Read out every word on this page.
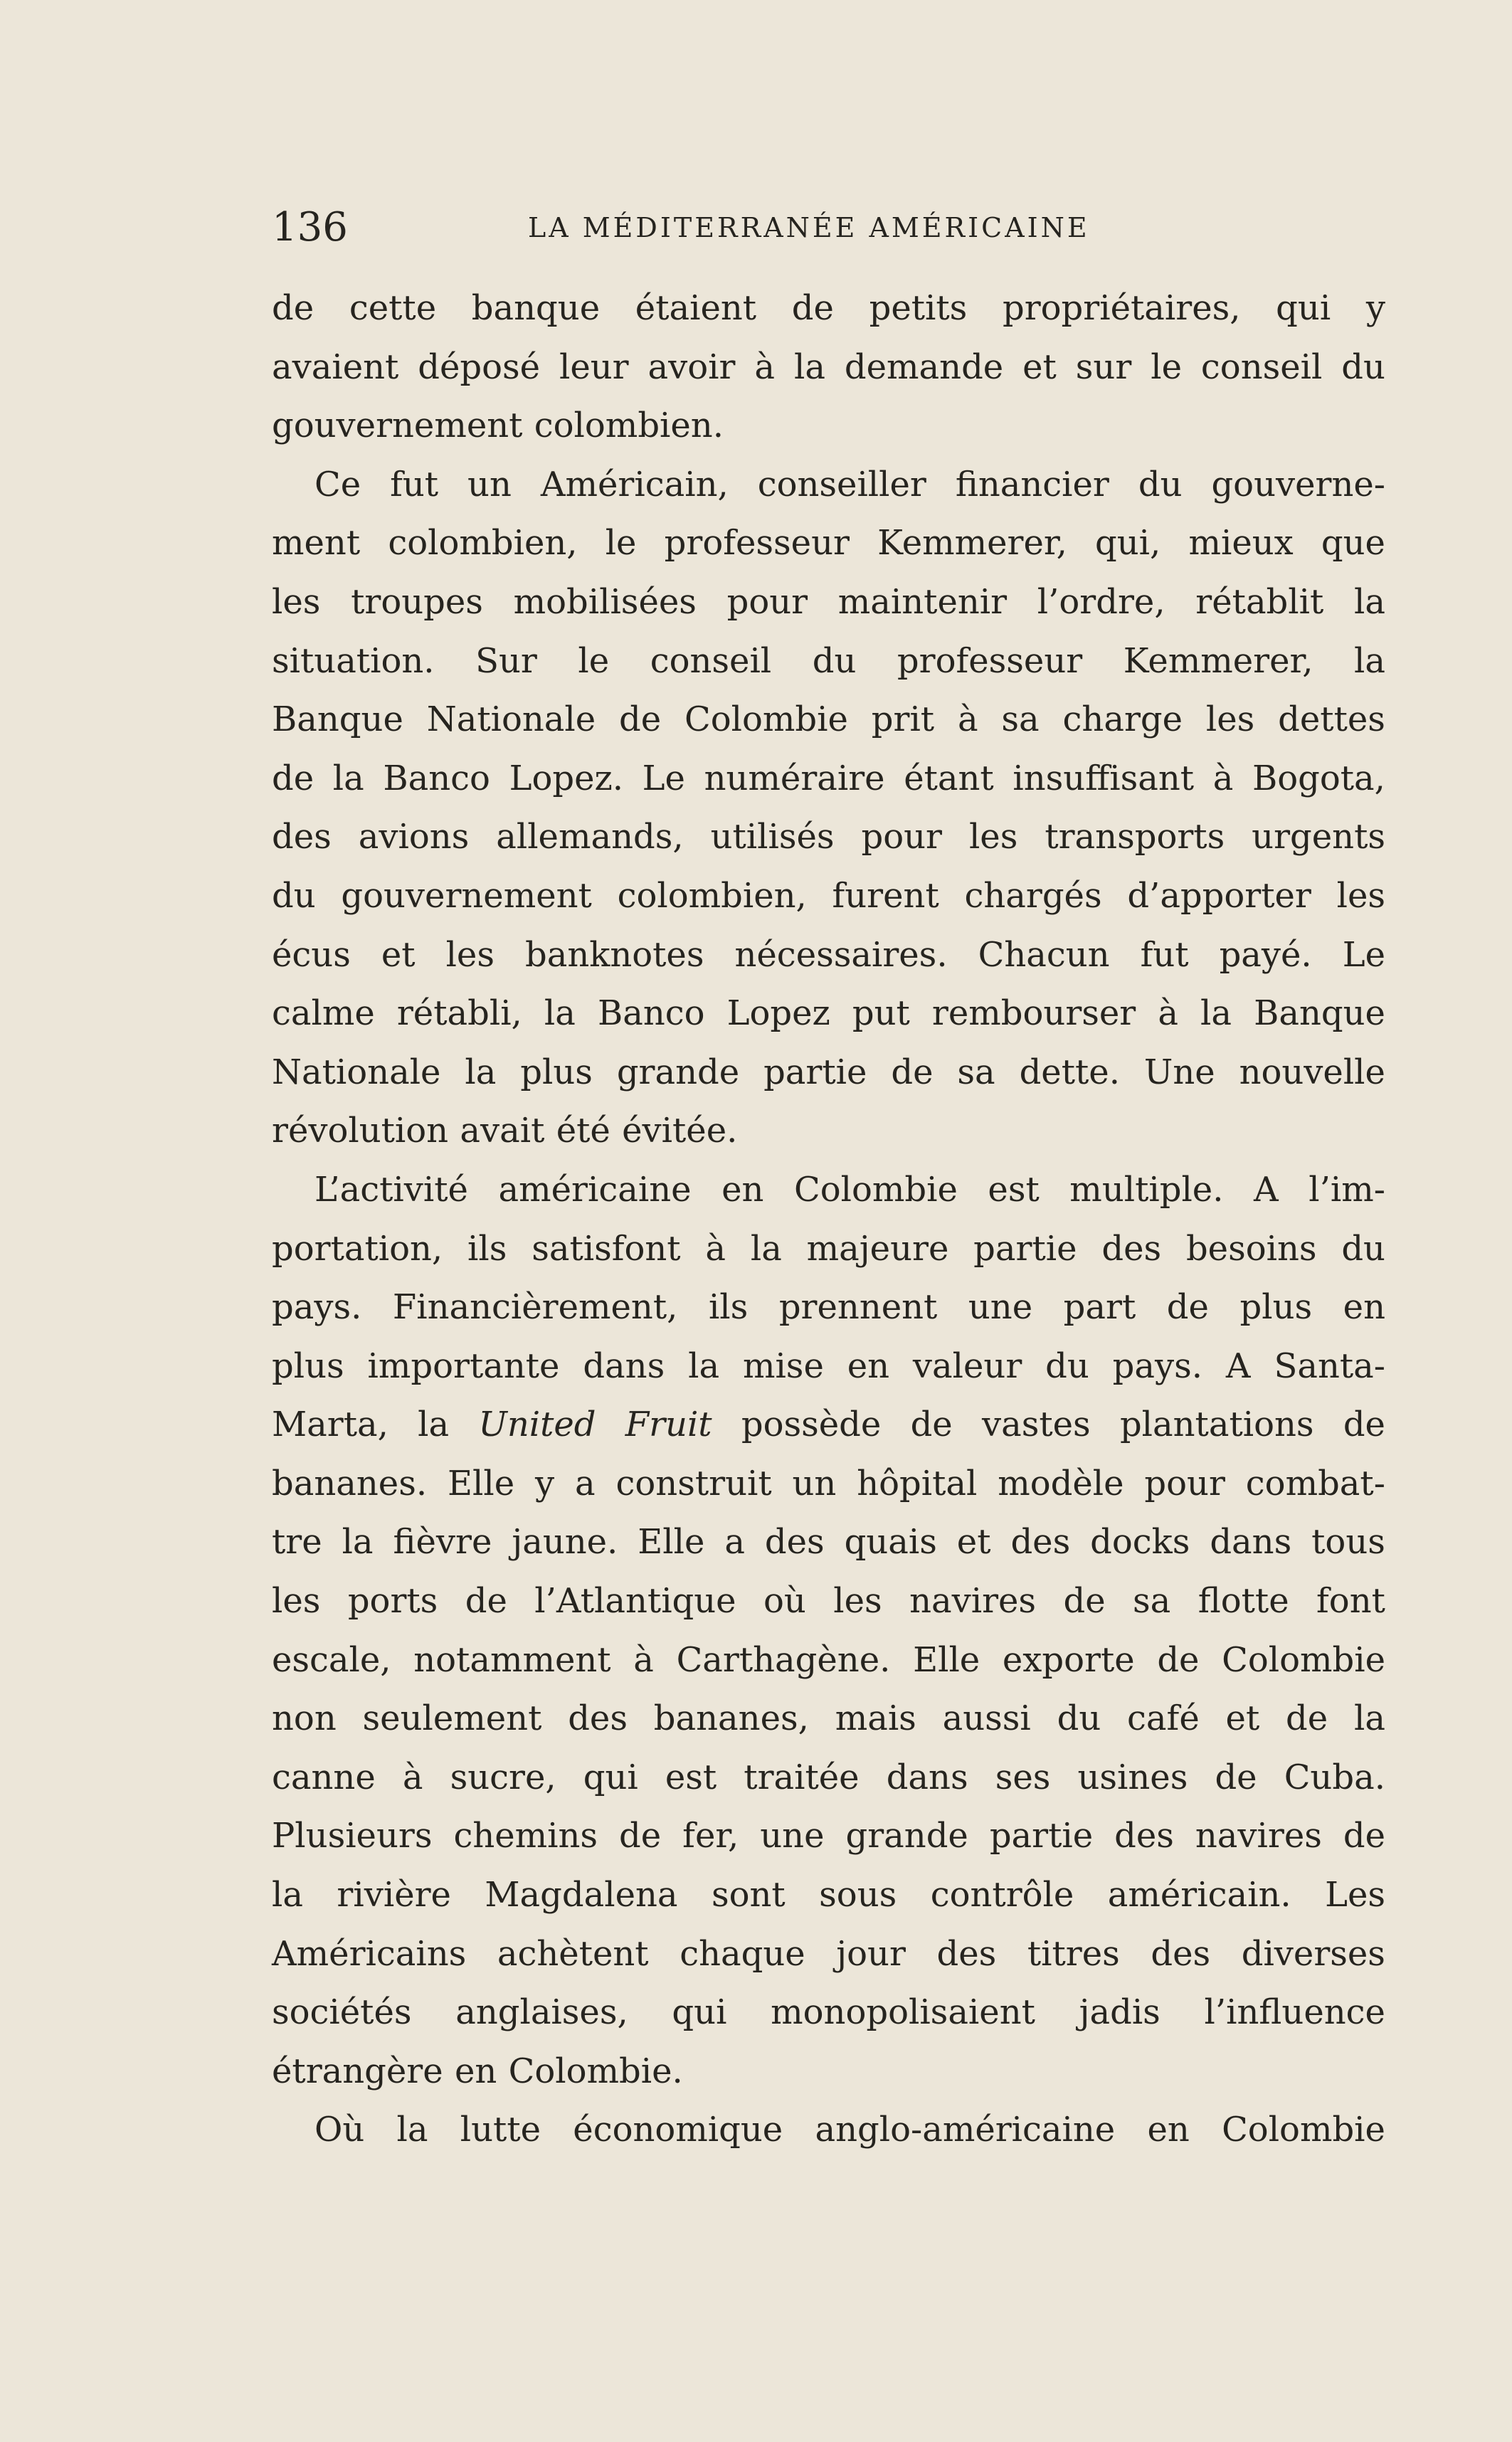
136	LA MÉDITERRANÉE AMÉRICAINE
de cette banque étaient de petits propriétaires, qui y
avaient déposé leur avoir à la demande et sur le conseil du
gouvernement colombien.
Ce fut un Américain, conseiller financier du gouverne-
ment colombien, le professeur Kemmerer, qui, mieux que
les troupes mobilisées pour maintenir l’ordre, rétablit la
situation. Sur le conseil du professeur Kemmerer, la
Banque Nationale de Colombie prit à sa charge les dettes
de la Banco Lopez. Le numéraire étant insuffisant à Bogota,
des avions allemands, utilisés pour les transports urgents
du gouvernement colombien, furent chargés d’apporter les
écus et les banknotes nécessaires. Chacun fut payé. Le
calme rétabli, la Banco Lopez put rembourser à la Banque
Nationale la plus grande partie de sa dette. Une nouvelle
révolution avait été évitée.
L’activité américaine en Colombie est multiple. A l’im-
portation, ils satisfont à la majeure partie des besoins du
pays. Financièrement, ils prennent une part de plus en
plus importante dans la mise en valeur du pays. A Santa-
Marta, la United Fruit possède de vastes plantations de
bananes. Elle y a construit un hôpital modèle pour combat-
tre la fièvre jaune. Elle a des quais et des docks dans tous
les ports de l’Atlantique où les navires de sa flotte font
escale, notamment à Carthagène. Elle exporte de Colombie
non seulement des bananes, mais aussi du café et de la
canne à sucre, qui est traitée dans ses usines de Cuba.
Plusieurs chemins de fer, une grande partie des navires de
la rivière Magdalena sont sous contrôle américain. Les
Américains achètent chaque jour des titres des diverses
sociétés anglaises, qui monopolisaient jadis l’influence
étrangère en Colombie.
Où la lutte économique anglo-américaine en Colombie
